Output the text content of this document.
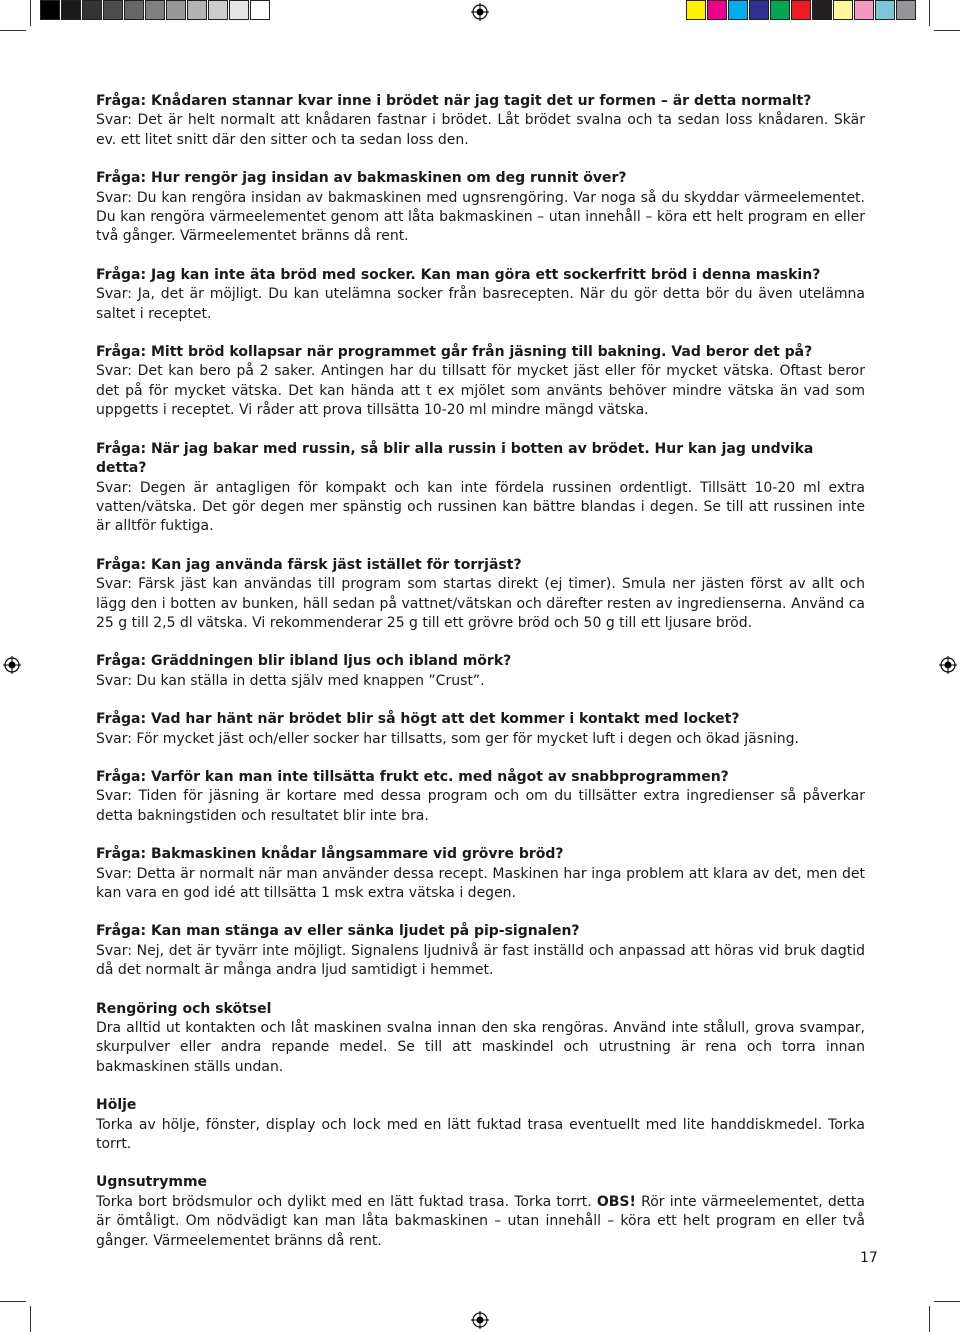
Fråga: Knådaren stannar kvar inne i brödet när jag tagit det ur formen – är detta normalt?
Svar: Det är helt normalt att knådaren fastnar i brödet. Låt brödet svalna och ta sedan loss knådaren. Skär ev. ett litet snitt där den sitter och ta sedan loss den.
Fråga: Hur rengör jag insidan av bakmaskinen om deg runnit över?
Svar: Du kan rengöra insidan av bakmaskinen med ugnsrengöring. Var noga så du skyddar värmeelementet. Du kan rengöra värmeelementet genom att låta bakmaskinen – utan innehåll – köra ett helt program en eller två gånger. Värmeelementet bränns då rent.
Fråga: Jag kan inte äta bröd med socker. Kan man göra ett sockerfritt bröd i denna maskin?
Svar: Ja, det är möjligt. Du kan utelämna socker från basrecepten. När du gör detta bör du även utelämna saltet i receptet.
Fråga: Mitt bröd kollapsar när programmet går från jäsning till bakning. Vad beror det på?
Svar: Det kan bero på 2 saker. Antingen har du tillsatt för mycket jäst eller för mycket vätska. Oftast beror det på för mycket vätska. Det kan hända att t ex mjölet som använts behöver mindre vätska än vad som uppgetts i receptet. Vi råder att prova tillsätta 10-20 ml mindre mängd vätska.
Fråga: När jag bakar med russin, så blir alla russin i botten av brödet. Hur kan jag undvika detta?
Svar: Degen är antagligen för kompakt och kan inte fördela russinen ordentligt. Tillsätt 10-20 ml extra vatten/vätska. Det gör degen mer spänstig och russinen kan bättre blandas i degen. Se till att russinen inte är alltför fuktiga.
Fråga: Kan jag använda färsk jäst istället för torrjäst?
Svar: Färsk jäst kan användas till program som startas direkt (ej timer). Smula ner jästen först av allt och lägg den i botten av bunken, häll sedan på vattnet/vätskan och därefter resten av ingredienserna. Använd ca 25 g till 2,5 dl vätska. Vi rekommenderar 25 g till ett grövre bröd och 50 g till ett ljusare bröd.
Fråga: Gräddningen blir ibland ljus och ibland mörk?
Svar: Du kan ställa in detta själv med knappen ”Crust”.
Fråga: Vad har hänt när brödet blir så högt att det kommer i kontakt med locket?
Svar: För mycket jäst och/eller socker har tillsatts, som ger för mycket luft i degen och ökad jäsning.
Fråga: Varför kan man inte tillsätta frukt etc. med något av snabbprogrammen?
Svar: Tiden för jäsning är kortare med dessa program och om du tillsätter extra ingredienser så påverkar detta bakningstiden och resultatet blir inte bra.
Fråga: Bakmaskinen knådar långsammare vid grövre bröd?
Svar: Detta är normalt när man använder dessa recept. Maskinen har inga problem att klara av det, men det kan vara en god idé att tillsätta 1 msk extra vätska i degen.
Fråga: Kan man stänga av eller sänka ljudet på pip-signalen?
Svar: Nej, det är tyvärr inte möjligt. Signalens ljudnivå är fast inställd och anpassad att höras vid bruk dagtid då det normalt är många andra ljud samtidigt i hemmet.
Rengöring och skötsel
Dra alltid ut kontakten och låt maskinen svalna innan den ska rengöras. Använd inte stålull, grova svampar, skurpulver eller andra repande medel. Se till att maskindel och utrustning är rena och torra innan bakmaskinen ställs undan.
Hölje
Torka av hölje, fönster, display och lock med en lätt fuktad trasa eventuellt med lite handdiskmedel. Torka torrt.
Ugnsutrymme
Torka bort brödsmulor och dylikt med en lätt fuktad trasa. Torka torrt. OBS! Rör inte värmeelementet, detta är ömtåligt. Om nödvädigt kan man låta bakmaskinen – utan innehåll – köra ett helt program en eller två gånger. Värmeelementet bränns då rent.
17
